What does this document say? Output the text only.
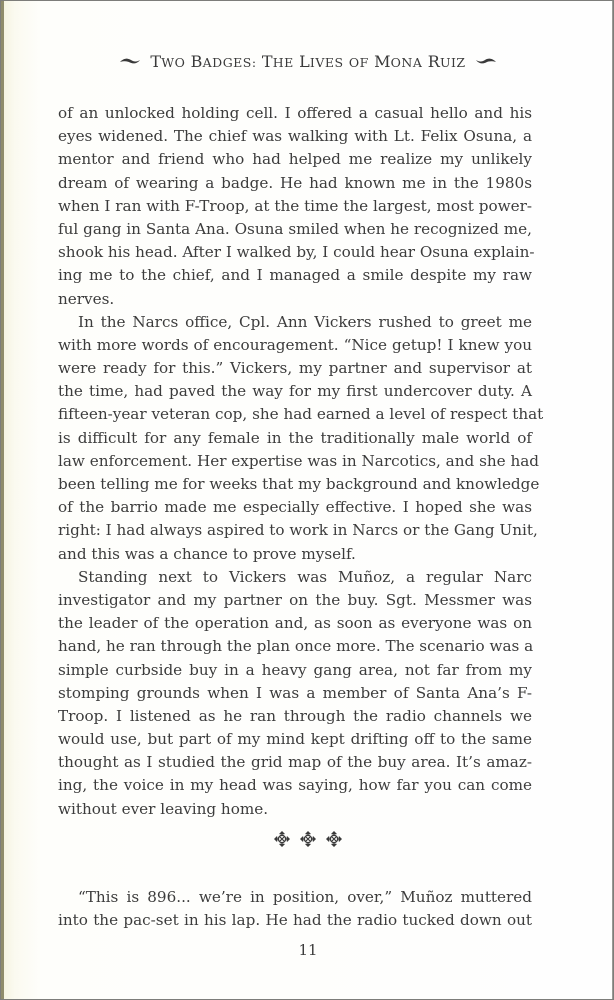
TWO BADGES: THE LIVES OF MONA RUIZ
of an unlocked holding cell. I offered a casual hello and his
eyes widened. The chief was walking with Lt. Felix Osuna, a
mentor and friend who had helped me realize my unlikely
dream of wearing a badge. He had known me in the 1980s
when I ran with F-Troop, at the time the largest, most power-
ful gang in Santa Ana. Osuna smiled when he recognized me,
shook his head. After I walked by, I could hear Osuna explain-
ing me to the chief, and I managed a smile despite my raw
nerves.
In the Narcs office, Cpl. Ann Vickers rushed to greet me
with more words of encouragement. “Nice getup! I knew you
were ready for this.” Vickers, my partner and supervisor at
the time, had paved the way for my first undercover duty. A
fifteen-year veteran cop, she had earned a level of respect that
is difficult for any female in the traditionally male world of
law enforcement. Her expertise was in Narcotics, and she had
been telling me for weeks that my background and knowledge
of the barrio made me especially effective. I hoped she was
right: I had always aspired to work in Narcs or the Gang Unit,
and this was a chance to prove myself.
Standing next to Vickers was Muñoz, a regular Narc
investigator and my partner on the buy. Sgt. Messmer was
the leader of the operation and, as soon as everyone was on
hand, he ran through the plan once more. The scenario was a
simple curbside buy in a heavy gang area, not far from my
stomping grounds when I was a member of Santa Ana’s F-
Troop. I listened as he ran through the radio channels we
would use, but part of my mind kept drifting off to the same
thought as I studied the grid map of the buy area. It’s amaz-
ing, the voice in my head was saying, how far you can come
without ever leaving home.

“This is 896... we’re in position, over,” Muñoz muttered
into the pac-set in his lap. He had the radio tucked down out
11
